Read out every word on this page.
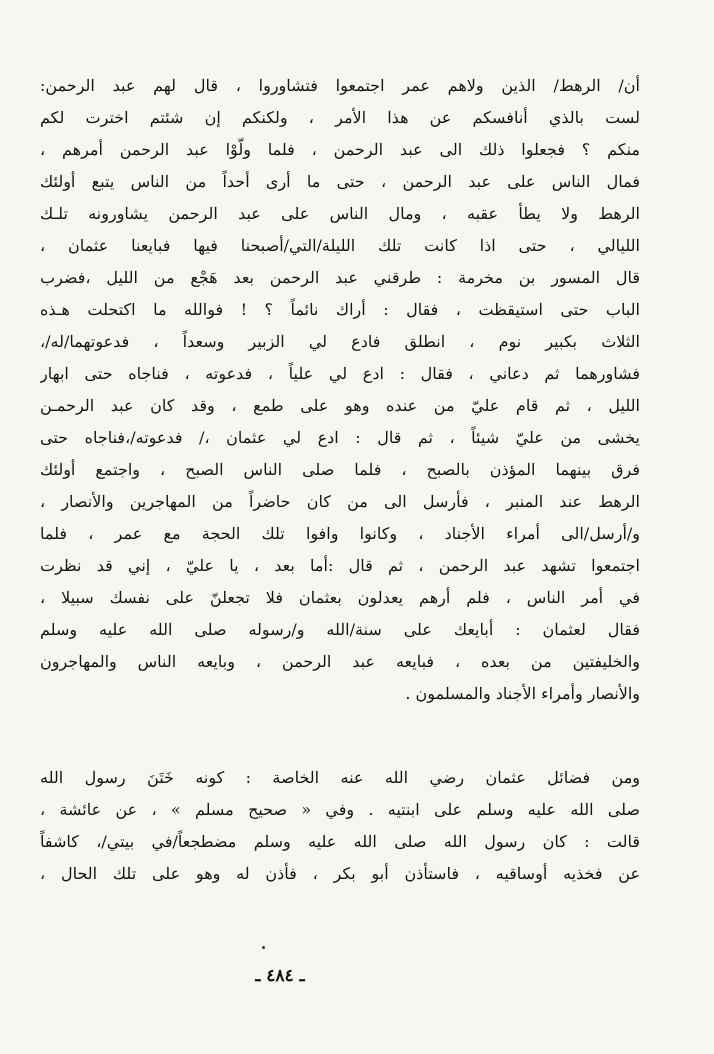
أن/ الرهط/ الذين ولاهم عمر اجتمعوا فتشاوروا ، قال لهم عبد الرحمن:
لست بالذي أنافسكم عن هذا الأمر ، ولكنكم إن شئتم اخترت لكم
منكم ؟ فجعلوا ذلك الى عبد الرحمن ، فلما ولّوْا عبد الرحمن أمرهم ،
فمال الناس على عبد الرحمن ، حتى ما أرى أحداً من الناس يتبع أولئك
الرهط ولا يطأ عقبه ، ومال الناس على عبد الرحمن يشاورونه تلـك
الليالي ، حتى اذا كانت تلك الليلة/التي/أصبحنا فيها فبايعنا عثمان ،
قال المسور بن مخرمة : طرقني عبد الرحمن بعد هَجْع من الليل ،فضرب
الباب حتى استيقظت ، فقال : أراك نائماً ؟ ! فوالله ما اكتحلت هـذه
الثلاث بكبير نوم ، انطلق فادع لي الزبير وسعداً ، فدعوتهما/له/،
فشاورهما ثم دعاني ، فقال : ادع لي علياً ، فدعوته ، فناجاه حتى ابهار
الليل ، ثم قام عليّ من عنده وهو على طمع ، وقد كان عبد الرحمـن
يخشى من عليّ شيئاً ، ثم قال : ادع لي عثمان ،/ فدعوته/،فناجاه حتى
فرق بينهما المؤذن بالصبح ، فلما صلى الناس الصبح ، واجتمع أولئك
الرهط عند المنبر ، فأرسل الى من كان حاضراً من المهاجرين والأنصار ،
و/أرسل/الى أمراء الأجناد ، وكانوا وافوا تلك الحجة مع عمر ، فلما
اجتمعوا تشهد عبد الرحمن ، ثم قال :أما بعد ، يا عليّ ، إني قد نظرت
في أمر الناس ، فلم أرهم يعدلون بعثمان فلا تجعلنّ على نفسك سبيلا ،
فقال لعثمان : أبايعك على سنة/الله و/رسوله صلى الله عليه وسلم
والخليفتين من بعده ، فبايعه عبد الرحمن ، وبايعه الناس والمهاجرون
والأنصار وأمراء الأجناد والمسلمون .
ومن فضائل عثمان رضي الله عنه الخاصة : كونه خَتَنَ رسول الله
صلى الله عليه وسلم على ابنتيه . وفي « صحيح مسلم » ، عن عائشة ،
قالت : كان رسول الله صلى الله عليه وسلم مضطجعاً/في بيتي/، كاشفاً
عن فخذيه أوساقيه ، فاستأذن أبو بكر ، فأذن له وهو على تلك الحال ،
ـ ٤٨٤ ـ
